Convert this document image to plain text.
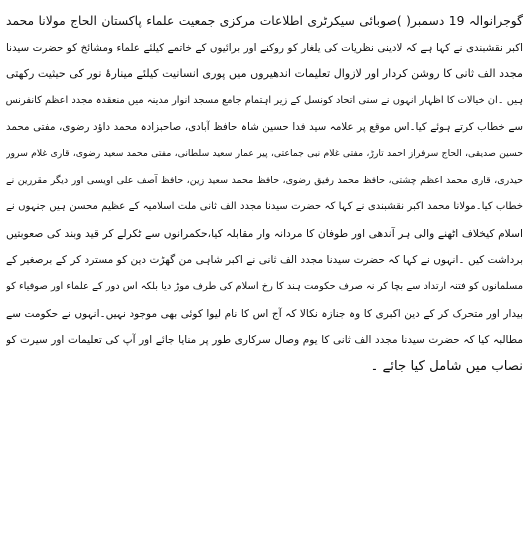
گوجرانوالہ 19 دسمبر( )صوبائی سیکرٹری اطلاعات مرکزی جمعیت علماء پاکستان الحاج مولانا محمد
اکبر نقشبندی نے کہا ہے کہ لادینی نظریات کی یلغار کو روکنے اور برائیوں کے خاتمے کیلئے علماء ومشائخ کو حضرت سیدنا
مجدد الف ثانی کا روشن کردار اور لازوال تعلیمات اندھیروں میں پوری انسانیت کیلئے مینارۂ نور کی حیثیت رکھتی
ہیں ۔ان خیالات کا اظہار انہوں نے سنی اتحاد کونسل کے زیر اہتمام جامع مسجد انوار مدینہ میں منعقدہ مجدد اعظم کانفرنس
سے خطاب کرتے ہوئے کیا۔اس موقع پر علامہ سید فدا حسین شاہ حافظ آبادی، صاحبزادہ محمد داؤد رضوی، مفتی محمد
حسین صدیقی، الحاج سرفراز احمد تارڑ، مفتی غلام نبی جماعتی، پیر عمار سعید سلطانی، مفتی محمد سعید رضوی، قاری غلام سرور
حیدری، قاری محمد اعظم چشتی، حافظ محمد رفیق رضوی، حافظ محمد سعید زین، حافظ آصف علی اویسی اور دیگر مقررین نے
خطاب کیا۔مولانا محمد اکبر نقشبندی نے کہا کہ حضرت سیدنا مجدد الف ثانی ملت اسلامیہ کے عظیم محسن ہیں جنہوں نے
اسلام کیخلاف اٹھنے والی ہر آندھی اور طوفان کا مردانہ وار مقابلہ کیا،حکمرانوں سے ٹکرلے کر قید وبند کی صعوبتیں
برداشت کیں ۔انہوں نے کہا کہ حضرت سیدنا مجدد الف ثانی نے اکبر شاہی من گھڑت دین کو مسترد کر کے برصغیر کے
مسلمانوں کو فتنہ ارتداد سے بچا کر نہ صرف حکومت ہند کا رخ اسلام کی طرف موڑ دیا بلکہ اس دور کے علماء اور صوفیاء کو
بیدار اور متحرک کر کے دین اکبری کا وہ جنازہ نکالا کہ آج اس کا نام لیوا کوئی بھی موجود نہیں۔انہوں نے حکومت سے
مطالبہ کیا کہ حضرت سیدنا مجدد الف ثانی کا یوم وصال سرکاری طور پر منایا جائے اور آپ کی تعلیمات اور سیرت کو
نصاب میں شامل کیا جائے ۔
